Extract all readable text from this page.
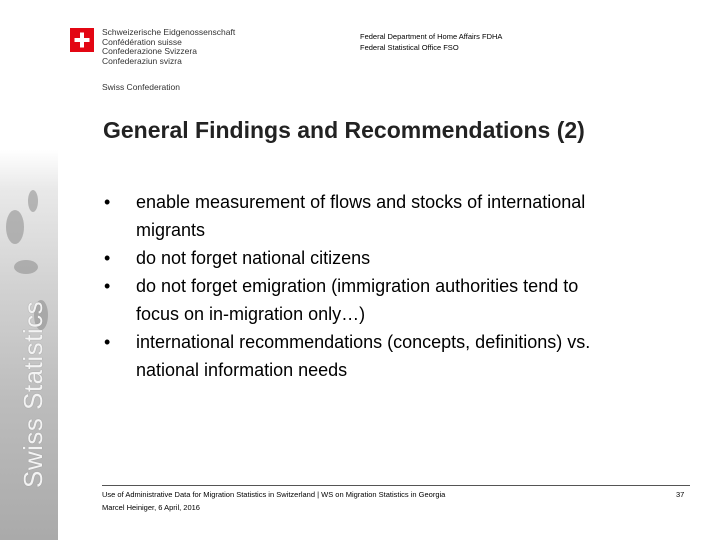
Swiss Statistics
Schweizerische Eidgenossenschaft
Confédération suisse
Confederazione Svizzera
Confederaziun svizra
Swiss Confederation
Federal Department of Home Affairs FDHA
Federal Statistical Office FSO
General Findings and Recommendations (2)
• enable measurement of flows and stocks of international
migrants
• do not forget national citizens
• do not forget emigration (immigration authorities tend to
focus on in-migration only…)
• international recommendations (concepts, definitions) vs.
national information needs
Use of Administrative Data for Migration Statistics in Switzerland | WS on Migration Statistics in Georgia
Marcel Heiniger, 6 April, 2016
37
